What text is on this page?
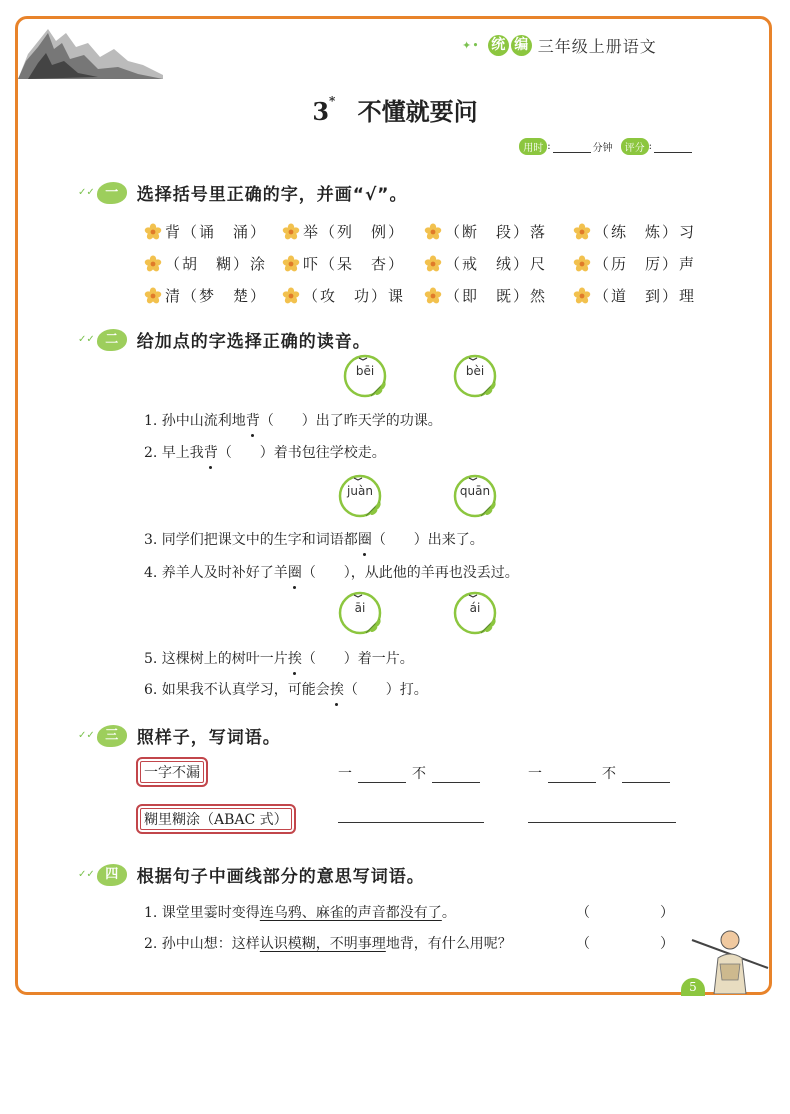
✦• 统 编 三年级上册语文
3* 不懂就要问
用时 :	分钟	评分 :
✓✓ 一	选择括号里正确的字，并画“√”。
背（诵　涌） 举（列　例）	（断　段）落	（练　炼）习
（胡　糊）涂 吓（呆　杏）	（戒　绒）尺	（历　厉）声
清（梦　楚） （攻　功）课	（即　既）然	（道　到）理
✓✓ 二	给加点的字选择正确的读音。
bēi	bèi
1. 孙中山流利地背（　　）出了昨天学的功课。
2. 早上我背（　　）着书包往学校走。
juàn	quān
3. 同学们把课文中的生字和词语都圈（　　）出来了。
4. 养羊人及时补好了羊圈（　　），从此他的羊再也没丢过。
āi	ái
5. 这棵树上的树叶一片挨（　　）着一片。
6. 如果我不认真学习，可能会挨（　　）打。
✓✓ 三	照样子，写词语。
一字不漏	一	不	一	不
糊里糊涂（ABAC 式）
✓✓ 四	根据句子中画线部分的意思写词语。
1. 课堂里霎时变得连乌鸦、麻雀的声音都没有了。	（　　　　　）
2. 孙中山想：这样认识模糊，不明事理地背，有什么用呢？	（　　　　　）
5
